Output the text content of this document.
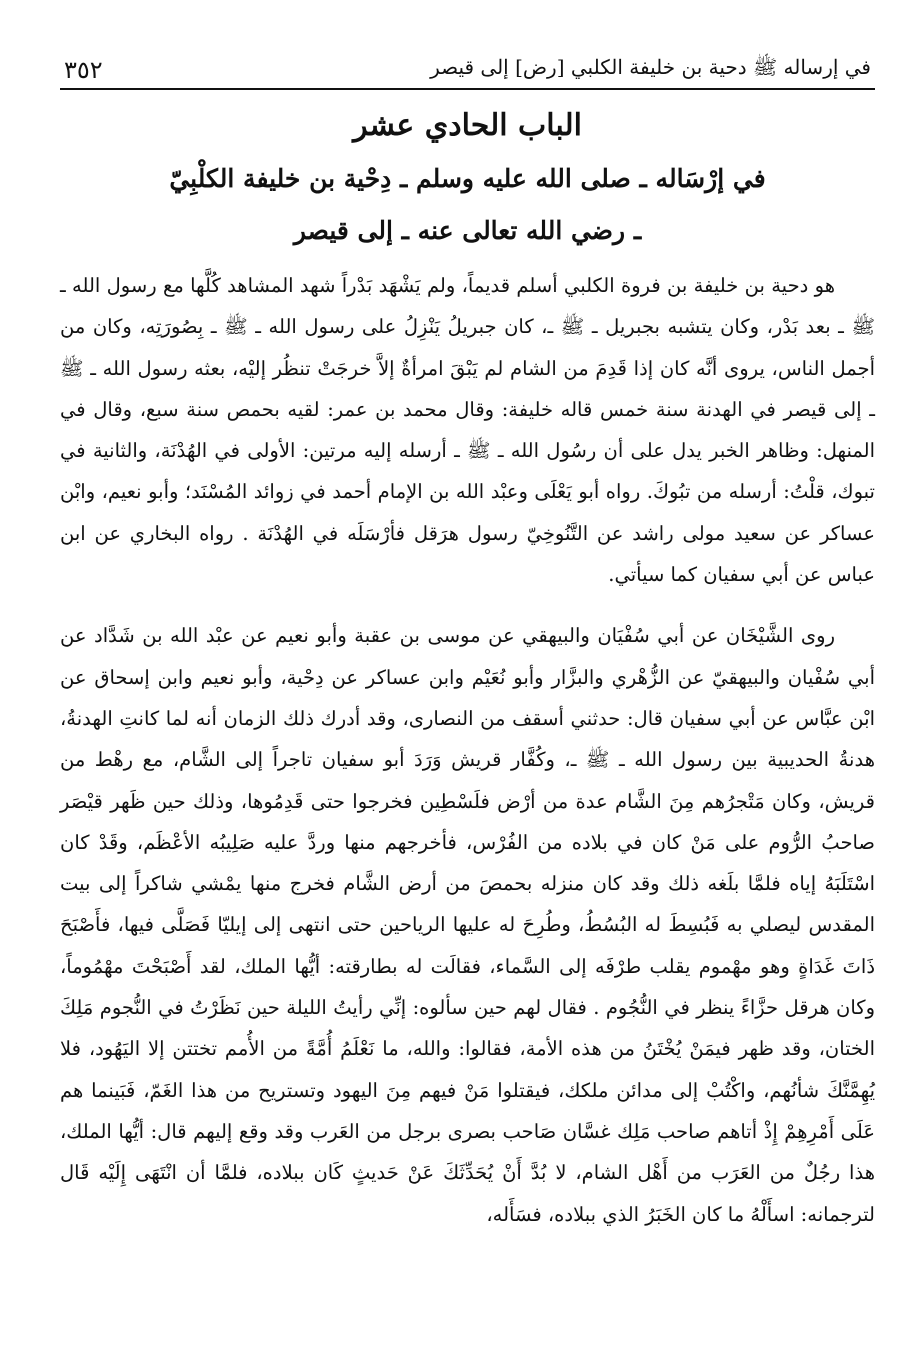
في إرساله ﷺ دحية بن خليفة الكلبي [رض] إلى قيصر
٣٥٢
الباب الحادي عشر
في إرْسَاله ـ صلى الله عليه وسلم ـ دِحْية بن خليفة الكلْبِيّ
ـ رضي الله تعالى عنه ـ إلى قيصر

هو دحية بن خليفة بن فروة الكلبي أسلم قديماً، ولم يَشْهَد بَدْراً شهد المشاهد كُلَّها مع رسول الله ـ ﷺ ـ بعد بَدْر، وكان يتشبه بجبريل ـ ﷺ ـ، كان جبريلُ يَنْزِلُ على رسول الله ـ ﷺ ـ بِصُورَتِه، وكان من أجمل الناس، يروى أنَّه كان إذا قَدِمَ من الشام لم يَبْقَ امرأةٌ إلاَّ خرجَتْ تنظُر إليْه، بعثه رسول الله ـ ﷺ ـ إلى قيصر في الهدنة سنة خمس قاله خليفة: وقال محمد بن عمر: لقيه بحمص سنة سبع، وقال في المنهل: وظاهر الخبر يدل على أن رسُول الله ـ ﷺ ـ أرسله إليه مرتين: الأولى في الهُدْنَة، والثانية في تبوك، قلْتُ: أرسله من تبُوكَ. رواه أبو يَعْلَى وعبْد الله بن الإمام أحمد في زوائد المُسْنَد؛ وأبو نعيم، وابْن عساكر عن سعيد مولى راشد عن التَّنُوخِيّ رسول هرَقل فأرْسَلَه في الهُدْنَة . رواه البخاري عن ابن عباس عن أبي سفيان كما سيأتي.

روى الشَّيْخَان عن أبي سُفْيَان والبيهقي عن موسى بن عقبة وأبو نعيم عن عبْد الله بن شَدَّاد عن أبي سُفْيان والبيهقيّ عن الزُّهْري والبزَّار وأبو نُعَيْم وابن عساكر عن دِحْية، وأبو نعيم وابن إسحاق عن ابْن عبَّاس عن أبي سفيان قال: حدثني أسقف من النصارى، وقد أدرك ذلك الزمان أنه لما كانتِ الهدنةُ، هدنةُ الحديبية بين رسول الله ـ ﷺ ـ، وكُفَّار قريش وَرَدَ أبو سفيان تاجراً إلى الشَّام، مع رهْط من قريش، وكان مَتْجرُهم مِنَ الشَّام عدة من أرْض فلَسْطِين فخرجوا حتى قَدِمُوها، وذلك حين ظَهر قيْصَر صاحبُ الرُّوم على مَنْ كان في بلاده من الفُرْس، فأخرجهم منها وردَّ عليه صَلِيبُه الأعْظَم، وقَدْ كان اسْتَلَبَهُ إياه فلمَّا بلَغه ذلك وقد كان منزله بحمصَ من أرض الشَّام فخرج منها يمْشي شاكراً إلى بيت المقدس ليصلي به فَبُسِطَ له البُسُطُ، وطُرِحَ له عليها الرياحين حتى انتهى إلى إيليّا فَصَلَّى فيها، فأَصْبَحَ ذَاتَ غَدَاةٍ وهو مهْموم يقلب طرْفَه إلى السَّماء، فقالَت له بطارقته: أيُّها الملك، لقد أَصْبَحْتَ مهْمُوماً، وكان هرقل حزَّاءً ينظر في النُّجُوم . فقال لهم حين سألوه: إنِّي رأيتُ الليلة حين نَظَرْتُ في النُّجوم مَلِكَ الختان، وقد ظهر فيمَنْ يُخْتَنُ من هذه الأمة، فقالوا: والله، ما نَعْلَمُ أُمَّةً من الأُمم تختتن إلا اليَهُود، فلا يُهِمَّنَّكَ شأنُهم، واكْتُبْ إلى مدائن ملكك، فيقتلوا مَنْ فيهم مِنَ اليهود وتستريح من هذا الغَمّ، فَبَينما هم عَلَى أَمْرِهِمْ إِذْ أتاهم صاحب مَلِك غسَّان صَاحب بصرى برجل من العَرب وقد وقع إليهم قال: أيُّها الملك، هذا رجُلٌ من العَرَب من أَهْل الشام، لا بُدَّ أَنْ يُحَدِّثَكَ عَنْ حَديثٍ كَان ببلاده، فلمَّا أن انْتَهَى إِلَيْه قَال لترجمانه: اسأَلْهُ ما كان الخَبَرُ الذي ببلاده، فسَأَله،
